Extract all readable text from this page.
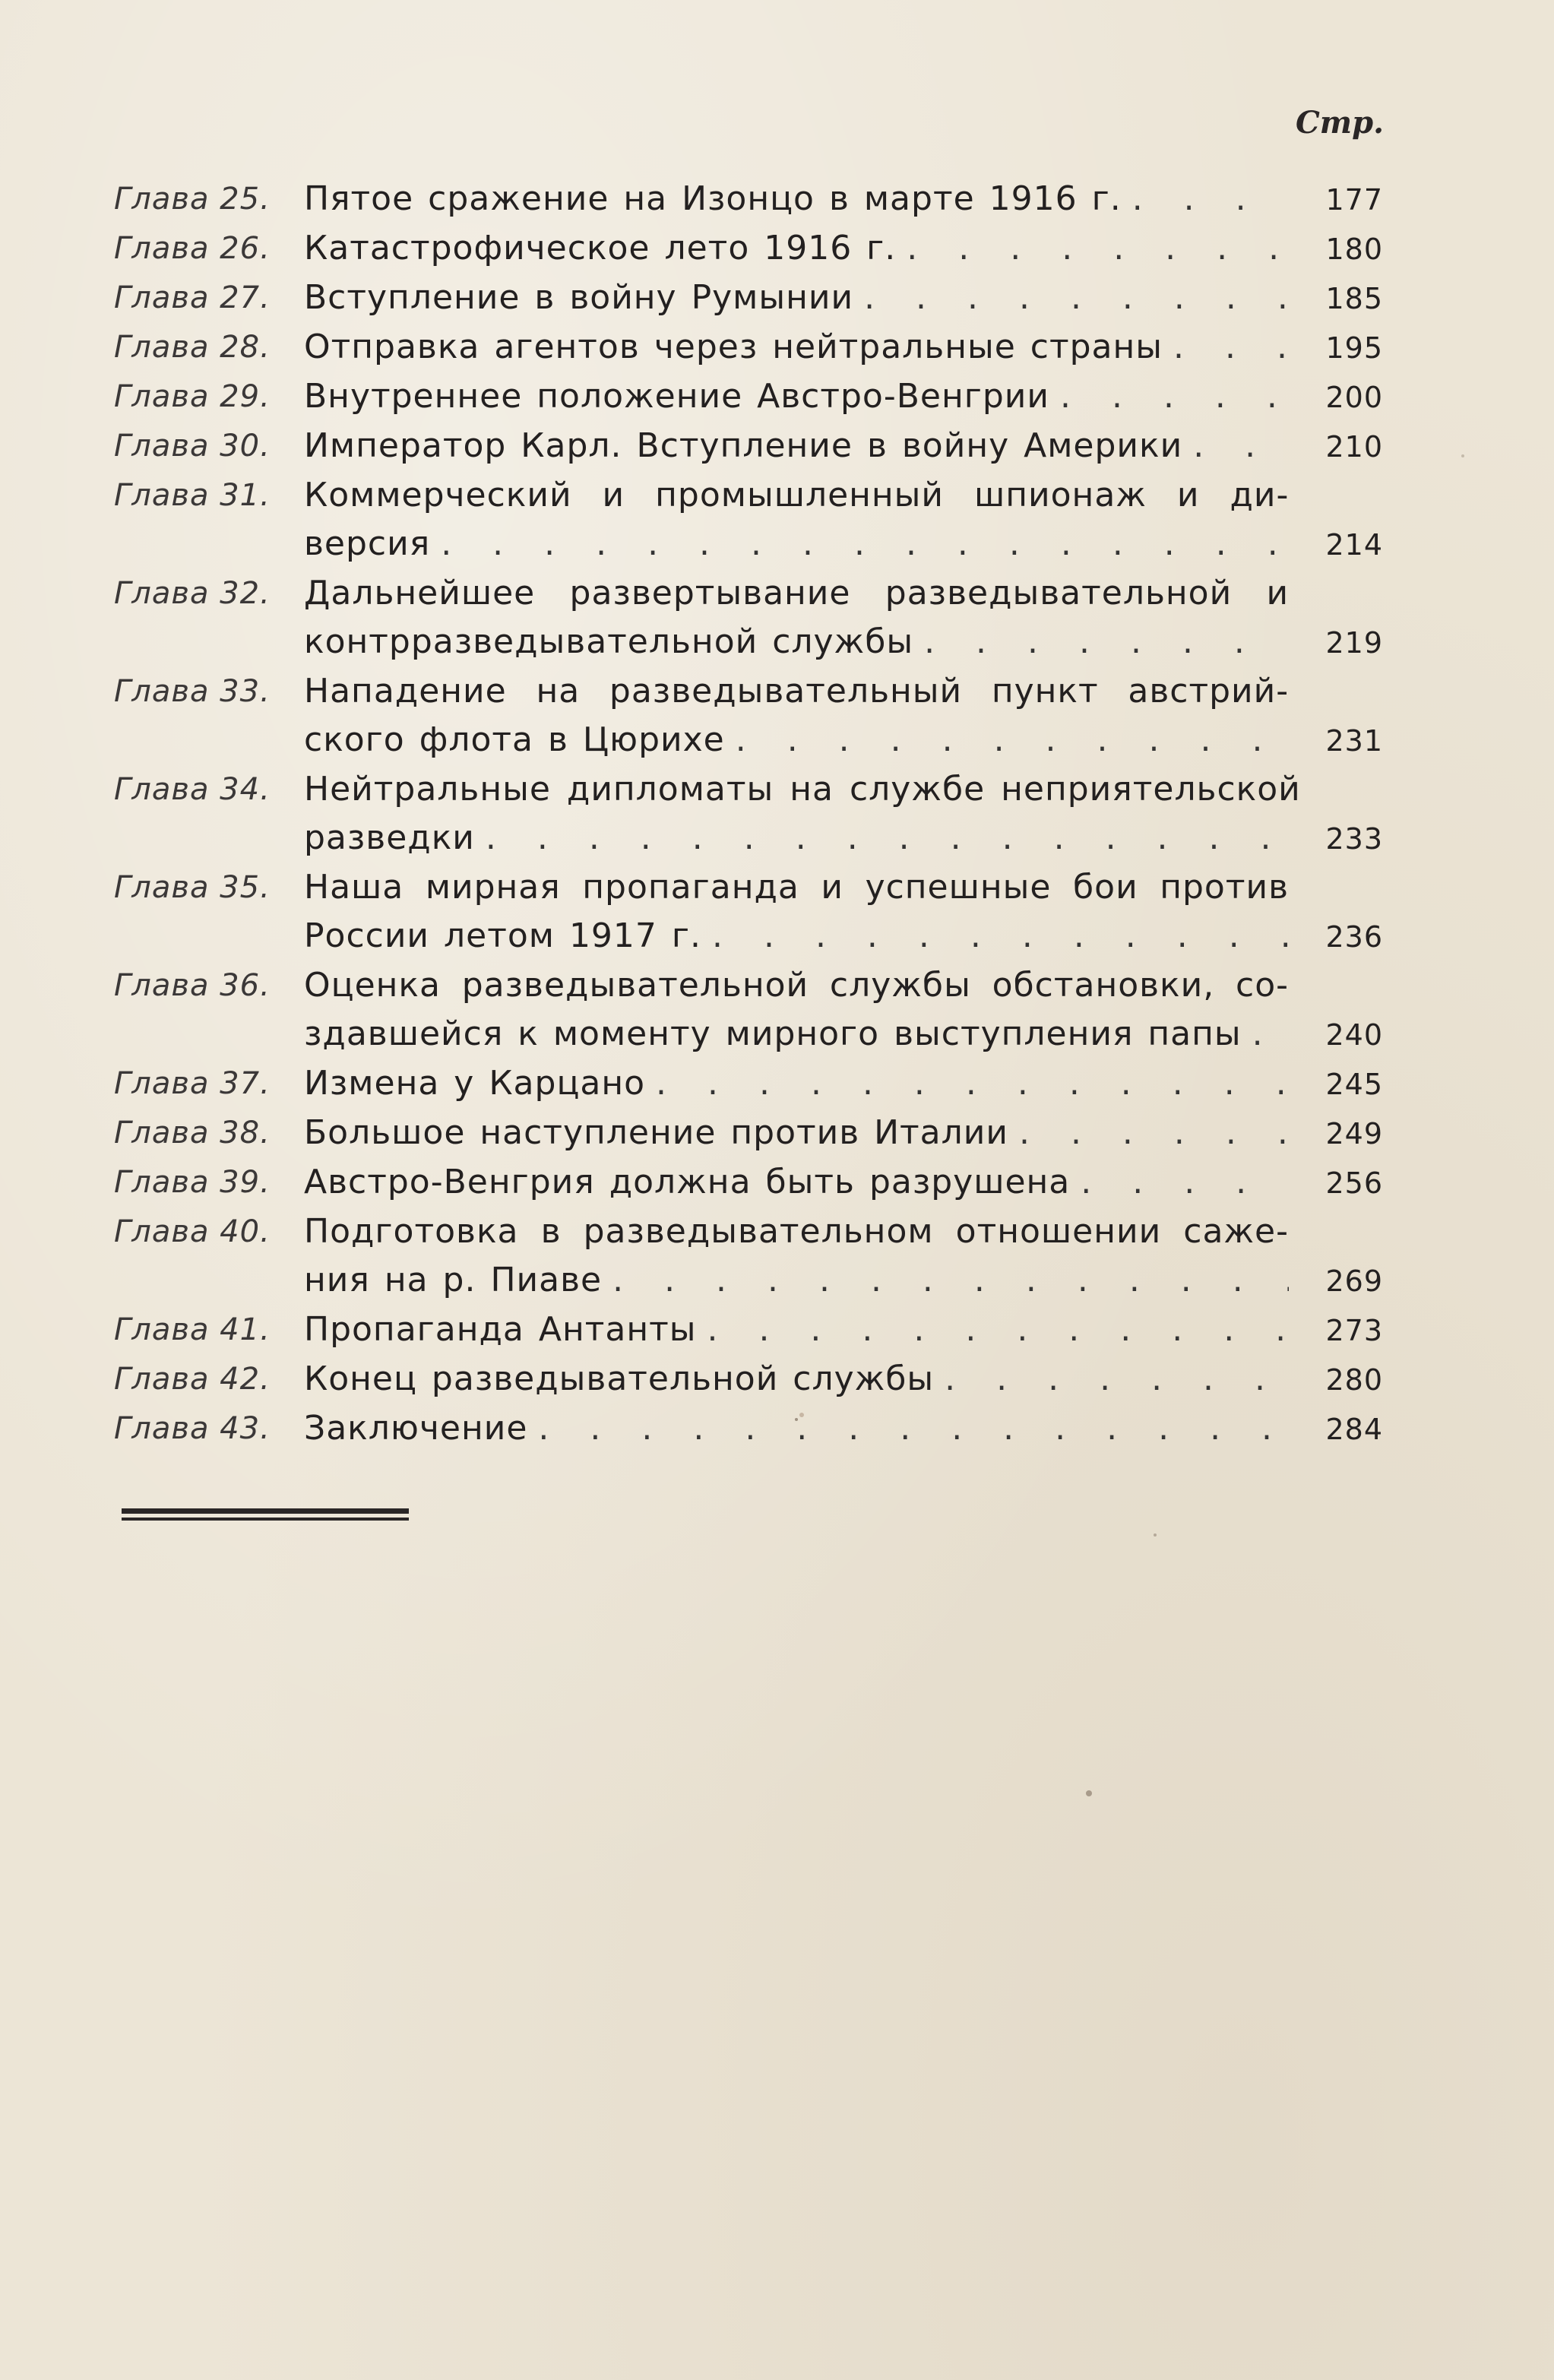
Стр.
Глава 25.	Пятое сражение на Изонцо в марте 1916 г. . . .	177
Глава 26.	Катастрофическое лето 1916 г. . . .	180
Глава 27.	Вступление в войну Румынии . . .	185
Глава 28.	Отправка агентов через нейтральные страны . . .	195
Глава 29.	Внутреннее положение Австро-Венгрии . . .	200
Глава 30.	Император Карл. Вступление в войну Америки . . .	210
Глава 31.	Коммерческий и промышленный шпионаж и ди-
версия . . .	214
Глава 32.	Дальнейшее развертывание разведывательной и
контрразведывательной службы . . .	219
Глава 33.	Нападение на разведывательный пункт австрий-
ского флота в Цюрихе . . .	231
Глава 34.	Нейтральные дипломаты на службе неприятельской
разведки . . .	233
Глава 35.	Наша мирная пропаганда и успешные бои против
России летом 1917 г. . . .	236
Глава 36.	Оценка разведывательной службы обстановки, со-
здавшейся к моменту мирного выступления папы . . .	240
Глава 37.	Измена у Карцано . . .	245
Глава 38.	Большое наступление против Италии . . .	249
Глава 39.	Австро-Венгрия должна быть разрушена . . .	256
Глава 40.	Подготовка в разведывательном отношении саже-
ния на р. Пиаве . . .	269
Глава 41.	Пропаганда Антанты . . .	273
Глава 42.	Конец разведывательной службы . . .	280
Глава 43.	Заключение . . .	284
